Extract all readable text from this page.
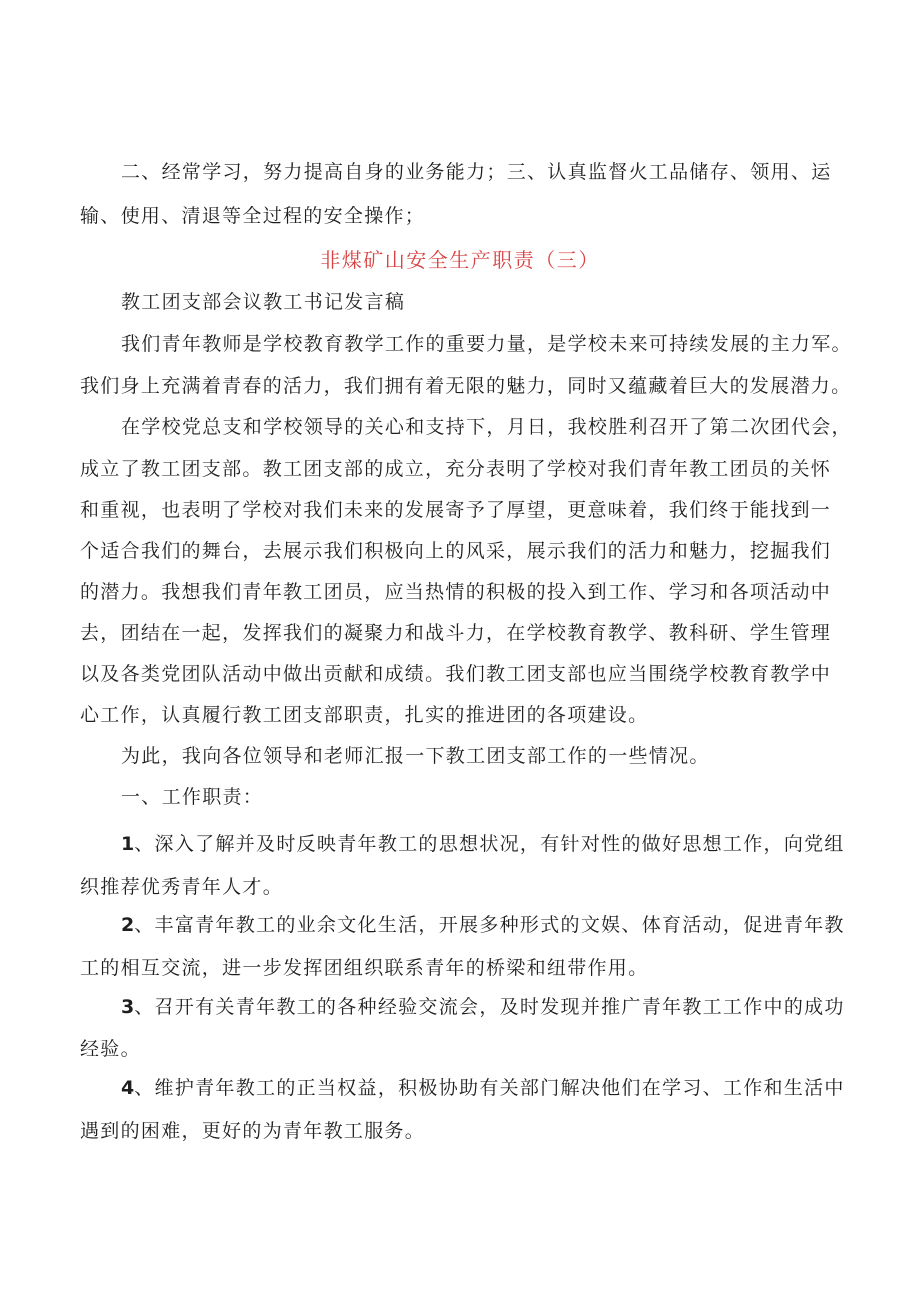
二、经常学习，努力提高自身的业务能力；三、认真监督火工品储存、领用、运
输、使用、清退等全过程的安全操作；
非煤矿山安全生产职责（三）
教工团支部会议教工书记发言稿
我们青年教师是学校教育教学工作的重要力量，是学校未来可持续发展的主力军。
我们身上充满着青春的活力，我们拥有着无限的魅力，同时又蕴藏着巨大的发展潜力。
在学校党总支和学校领导的关心和支持下，月日，我校胜利召开了第二次团代会，
成立了教工团支部。教工团支部的成立，充分表明了学校对我们青年教工团员的关怀
和重视，也表明了学校对我们未来的发展寄予了厚望，更意味着，我们终于能找到一
个适合我们的舞台，去展示我们积极向上的风采，展示我们的活力和魅力，挖掘我们
的潜力。我想我们青年教工团员，应当热情的积极的投入到工作、学习和各项活动中
去，团结在一起，发挥我们的凝聚力和战斗力，在学校教育教学、教科研、学生管理
以及各类党团队活动中做出贡献和成绩。我们教工团支部也应当围绕学校教育教学中
心工作，认真履行教工团支部职责，扎实的推进团的各项建设。
为此，我向各位领导和老师汇报一下教工团支部工作的一些情况。
一、工作职责：
1、深入了解并及时反映青年教工的思想状况，有针对性的做好思想工作，向党组
织推荐优秀青年人才。
2、丰富青年教工的业余文化生活，开展多种形式的文娱、体育活动，促进青年教
工的相互交流，进一步发挥团组织联系青年的桥梁和纽带作用。
3、召开有关青年教工的各种经验交流会，及时发现并推广青年教工工作中的成功
经验。
4、维护青年教工的正当权益，积极协助有关部门解决他们在学习、工作和生活中
遇到的困难，更好的为青年教工服务。
